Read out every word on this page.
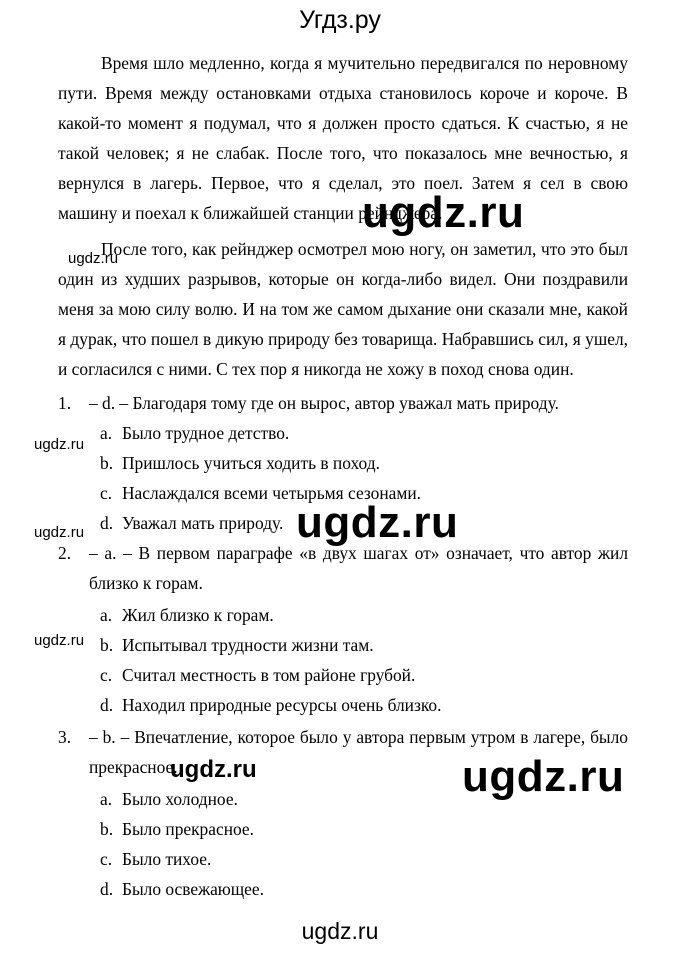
Угдз.ру

Время шло медленно, когда я мучительно передвигался по неровному пути. Время между остановками отдыха становилось короче и короче. В какой-то момент я подумал, что я должен просто сдаться. К счастью, я не такой человек; я не слабак. После того, что показалось мне вечностью, я вернулся в лагерь. Первое, что я сделал, это поел. Затем я сел в свою машину и поехал к ближайшей станции рейнджера.

После того, как рейнджер осмотрел мою ногу, он заметил, что это был один из худших разрывов, которые он когда-либо видел. Они поздравили меня за мою силу волю. И на том же самом дыхание они сказали мне, какой я дурак, что пошел в дикую природу без товарища. Набравшись сил, я ушел, и согласился с ними. С тех пор я никогда не хожу в поход снова один.

1.	– d. – Благодаря тому где он вырос, автор уважал мать природу.
a. Было трудное детство.
b. Пришлось учиться ходить в поход.
c. Наслаждался всеми четырьмя сезонами.
d. Уважал мать природу.
2.	– a. – В первом параграфе «в двух шагах от» означает, что автор жил близко к горам.
a. Жил близко к горам.
b. Испытывал трудности жизни там.
c. Считал местность в том районе грубой.
d. Находил природные ресурсы очень близко.
3.	– b. – Впечатление, которое было у автора первым утром в лагере, было прекрасное.
a. Было холодное.
b. Было прекрасное.
c. Было тихое.
d. Было освежающее.
ugdz.ru
ugdz.ru
ugdz.ru
ugdz.ru
ugdz.ru
ugdz.ru
ugdz.ru	ugdz.ru
ugdz.ru
